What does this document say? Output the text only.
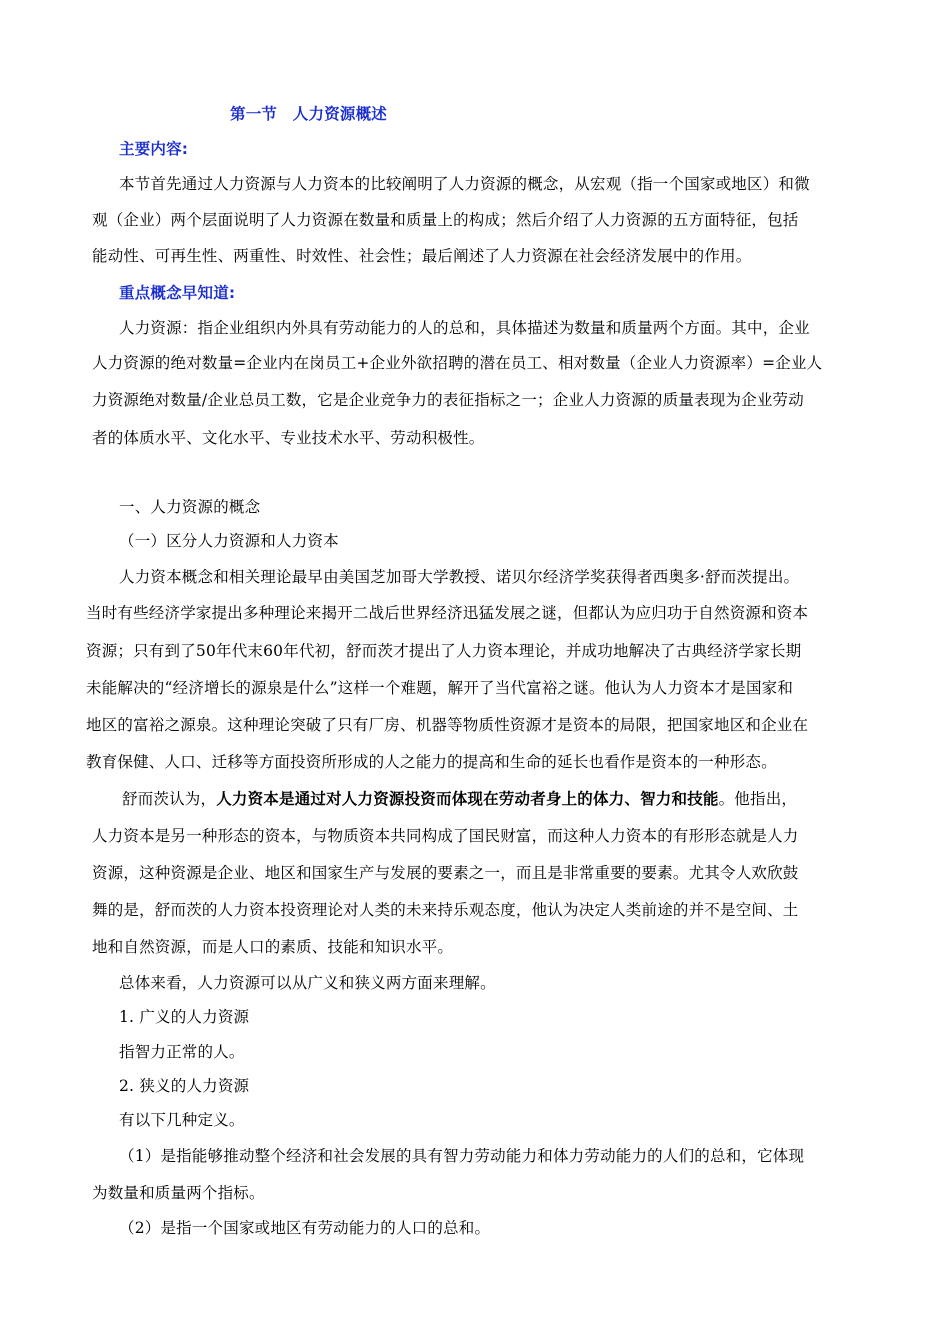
第一节　人力资源概述
主要内容:
本节首先通过人力资源与人力资本的比较阐明了人力资源的概念，从宏观（指一个国家或地区）和微
观（企业）两个层面说明了人力资源在数量和质量上的构成；然后介绍了人力资源的五方面特征，包括
能动性、可再生性、两重性、时效性、社会性；最后阐述了人力资源在社会经济发展中的作用。
重点概念早知道:
人力资源：指企业组织内外具有劳动能力的人的总和，具体描述为数量和质量两个方面。其中，企业
人力资源的绝对数量=企业内在岗员工+企业外欲招聘的潜在员工、相对数量（企业人力资源率）=企业人
力资源绝对数量/企业总员工数，它是企业竞争力的表征指标之一；企业人力资源的质量表现为企业劳动
者的体质水平、文化水平、专业技术水平、劳动积极性。
一、人力资源的概念
（一）区分人力资源和人力资本
人力资本概念和相关理论最早由美国芝加哥大学教授、诺贝尔经济学奖获得者西奥多·舒而茨提出。
当时有些经济学家提出多种理论来揭开二战后世界经济迅猛发展之谜，但都认为应归功于自然资源和资本
资源；只有到了50年代末60年代初，舒而茨才提出了人力资本理论，并成功地解决了古典经济学家长期
未能解决的“经济增长的源泉是什么”这样一个难题，解开了当代富裕之谜。他认为人力资本才是国家和
地区的富裕之源泉。这种理论突破了只有厂房、机器等物质性资源才是资本的局限，把国家地区和企业在
教育保健、人口、迁移等方面投资所形成的人之能力的提高和生命的延长也看作是资本的一种形态。
舒而茨认为，人力资本是通过对人力资源投资而体现在劳动者身上的体力、智力和技能。他指出，
人力资本是另一种形态的资本，与物质资本共同构成了国民财富，而这种人力资本的有形形态就是人力
资源，这种资源是企业、地区和国家生产与发展的要素之一，而且是非常重要的要素。尤其令人欢欣鼓
舞的是，舒而茨的人力资本投资理论对人类的未来持乐观态度，他认为决定人类前途的并不是空间、土
地和自然资源，而是人口的素质、技能和知识水平。
总体来看，人力资源可以从广义和狭义两方面来理解。
1. 广义的人力资源
指智力正常的人。
2. 狭义的人力资源
有以下几种定义。
（1）是指能够推动整个经济和社会发展的具有智力劳动能力和体力劳动能力的人们的总和，它体现
为数量和质量两个指标。
（2）是指一个国家或地区有劳动能力的人口的总和。
